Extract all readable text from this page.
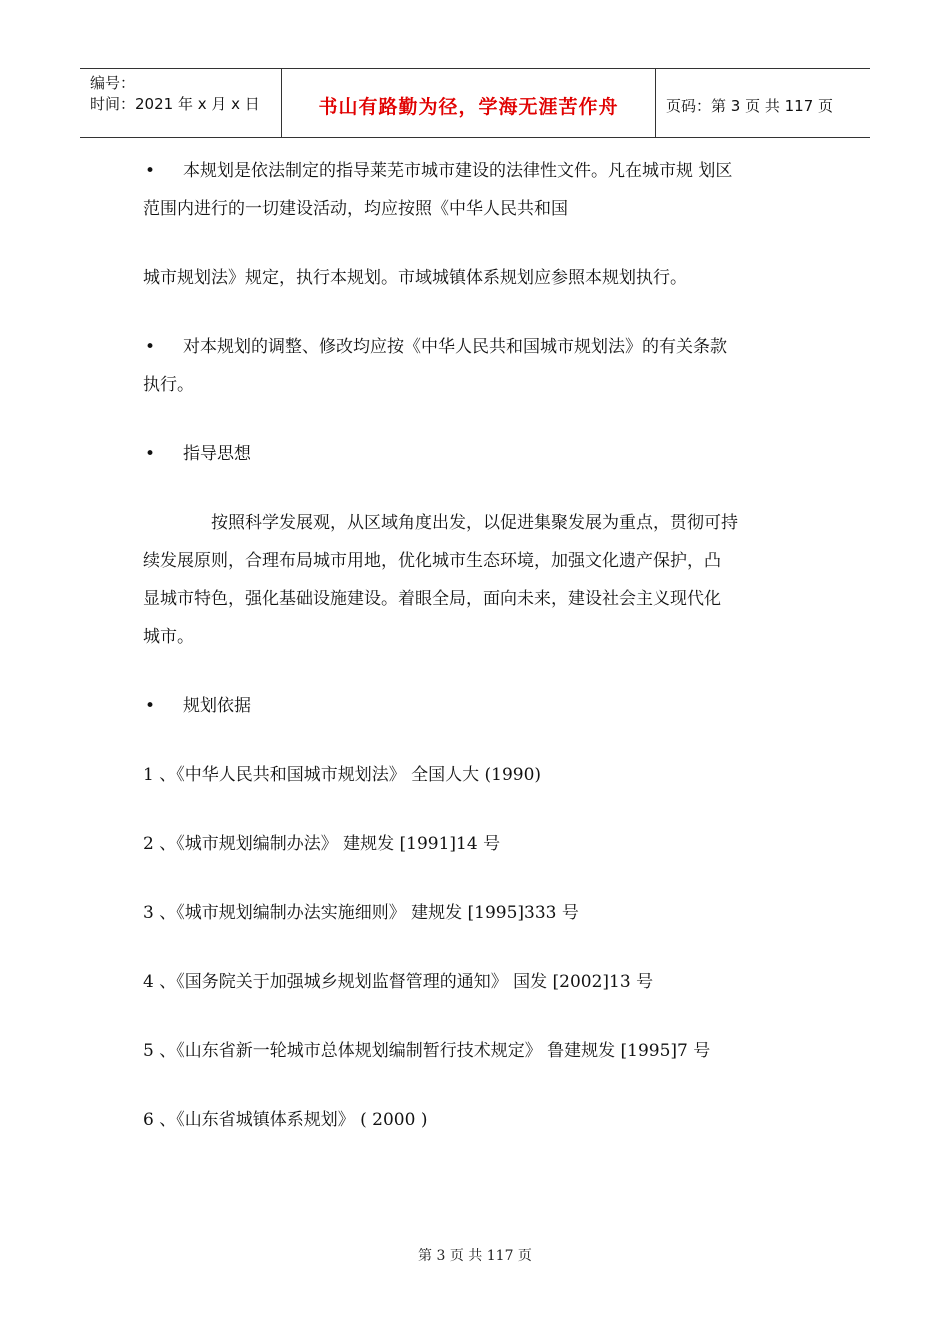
编号：
时间：2021 年 x 月 x 日	书山有路勤为径，学海无涯苦作舟	页码：第 3 页 共 117 页
• 本规划是依法制定的指导莱芜市城市建设的法律性文件。凡在城市规 划区
范围内进行的一切建设活动，均应按照《中华人民共和国
城市规划法》规定，执行本规划。市域城镇体系规划应参照本规划执行。
• 对本规划的调整、修改均应按《中华人民共和国城市规划法》的有关条款
执行。
• 指导思想
按照科学发展观，从区域角度出发，以促进集聚发展为重点，贯彻可持
续发展原则，合理布局城市用地，优化城市生态环境，加强文化遗产保护，凸
显城市特色，强化基础设施建设。着眼全局，面向未来，建设社会主义现代化
城市。
• 规划依据
1 、《中华人民共和国城市规划法》 全国人大 (1990)
2 、《城市规划编制办法》 建规发 [1991]14 号
3 、《城市规划编制办法实施细则》 建规发 [1995]333 号
4 、《国务院关于加强城乡规划监督管理的通知》 国发 [2002]13 号
5 、《山东省新一轮城市总体规划编制暂行技术规定》 鲁建规发 [1995]7 号
6 、《山东省城镇体系规划》 ( 2000 )
第 3 页 共 117 页
